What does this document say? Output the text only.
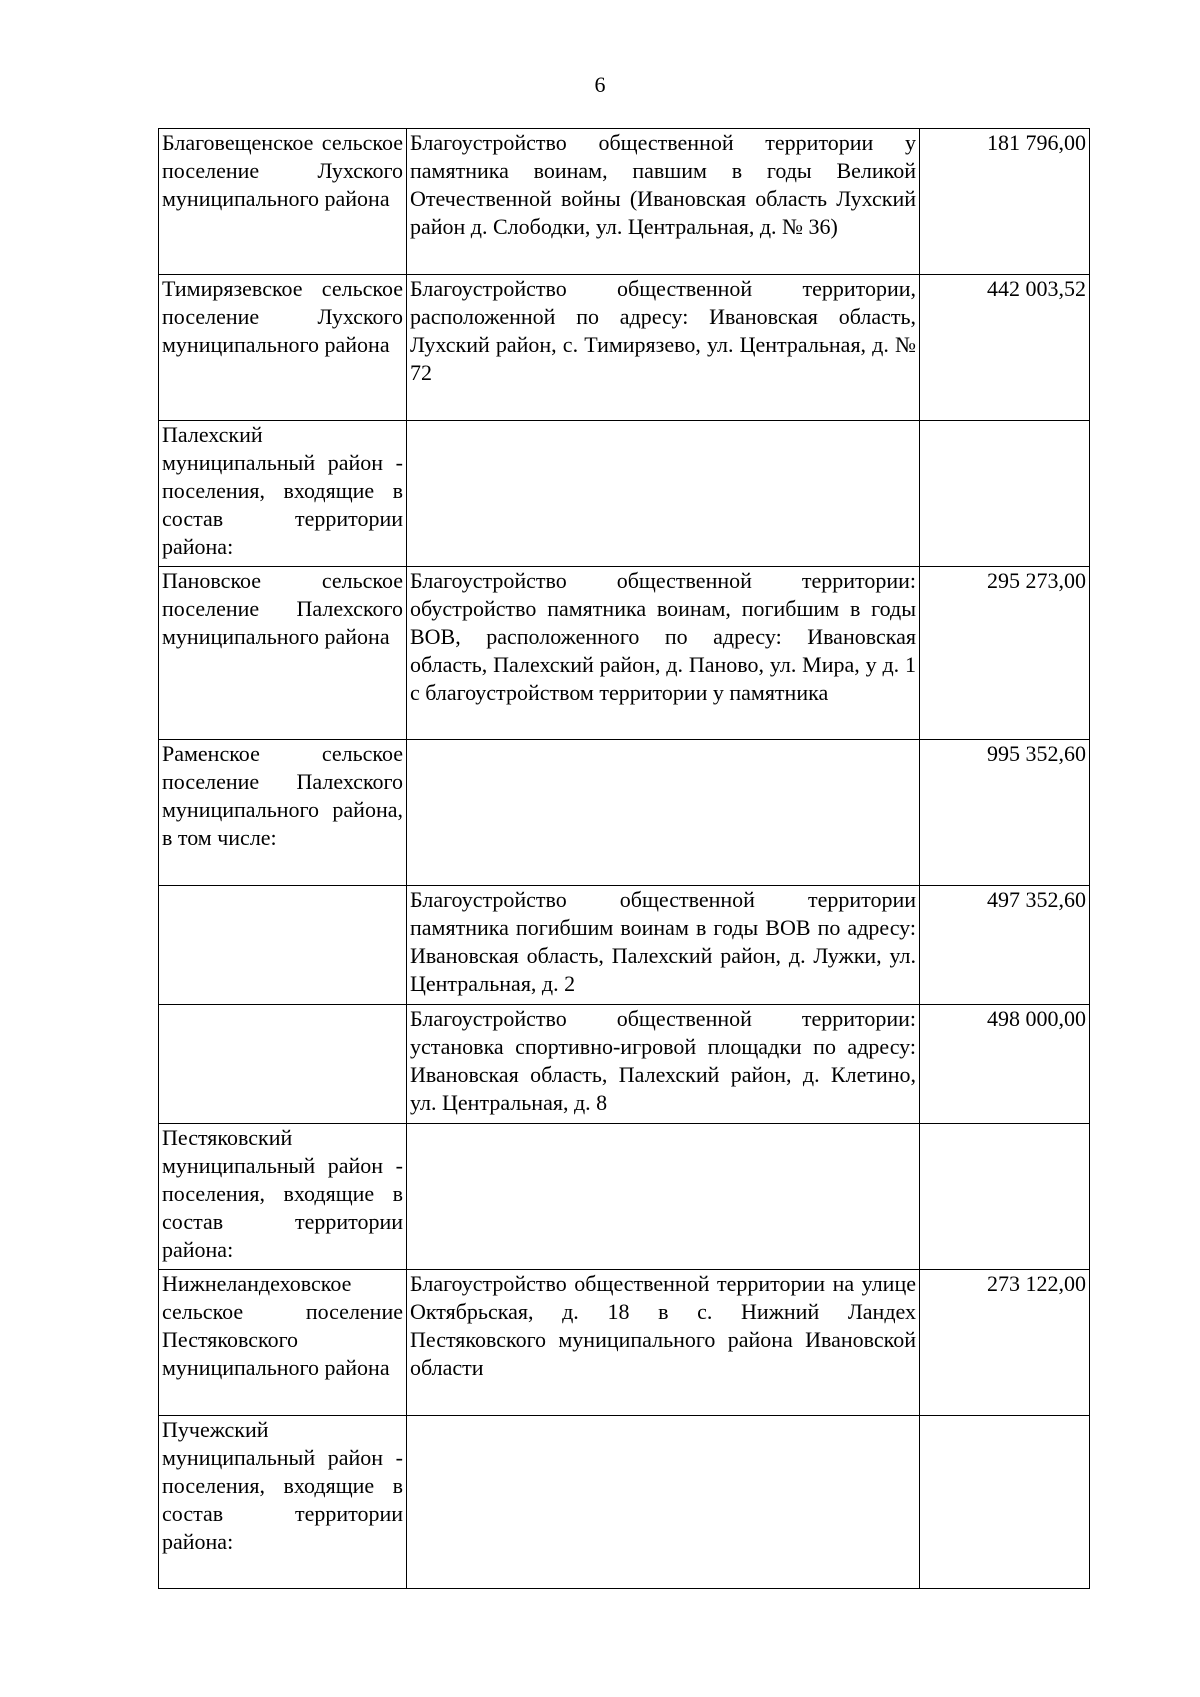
6
Благовещенское сельское поселение Лухского муниципального района	Благоустройство общественной территории у памятника воинам, павшим в годы Великой Отечественной войны (Ивановская область Лухский район д. Слободки, ул. Центральная, д. № 36)	181 796,00
Тимирязевское сельское поселение Лухского муниципального района	Благоустройство общественной территории, расположенной по адресу: Ивановская область, Лухский район, с. Тимирязево, ул. Центральная, д. № 72	442 003,52
Палехский муниципальный район - поселения, входящие в состав территории района:		
Пановское сельское поселение Палехского муниципального района	Благоустройство общественной территории: обустройство памятника воинам, погибшим в годы ВОВ, расположенного по адресу: Ивановская область, Палехский район, д. Паново, ул. Мира, у д. 1 с благоустройством территории у памятника	295 273,00
Раменское сельское поселение Палехского муниципального района, в том числе:		995 352,60
	Благоустройство общественной территории памятника погибшим воинам в годы ВОВ по адресу: Ивановская область, Палехский район, д. Лужки, ул. Центральная, д. 2	497 352,60
	Благоустройство общественной территории: установка спортивно-игровой площадки по адресу: Ивановская область, Палехский район, д. Клетино, ул. Центральная, д. 8	498 000,00
Пестяковский муниципальный район - поселения, входящие в состав территории района:		
Нижнеландеховское сельское поселение Пестяковского муниципального района	Благоустройство общественной территории на улице Октябрьская, д. 18 в с. Нижний Ландех Пестяковского муниципального района Ивановской области	273 122,00
Пучежский муниципальный район - поселения, входящие в состав территории района:		
